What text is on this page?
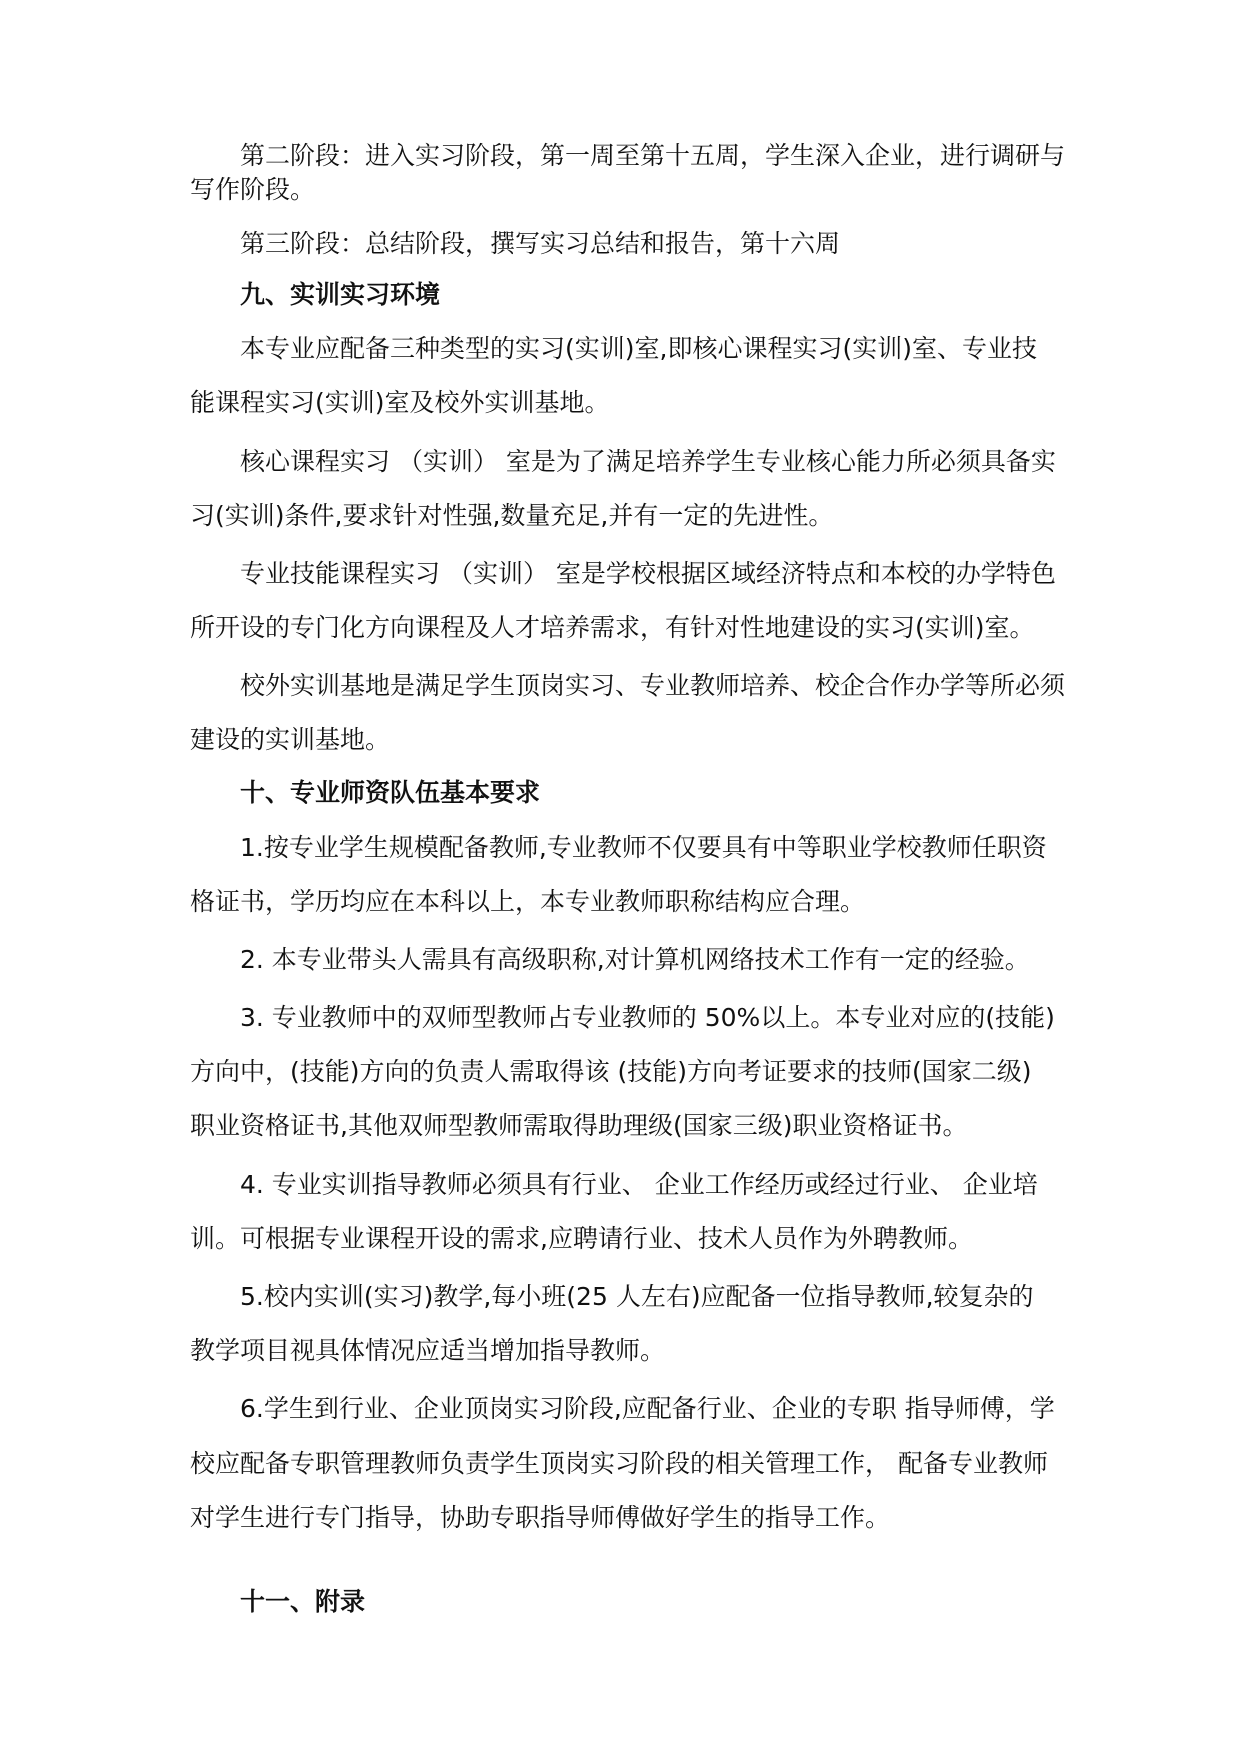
第二阶段：进入实习阶段，第一周至第十五周，学生深入企业，进行调研与
写作阶段。
第三阶段：总结阶段，撰写实习总结和报告，第十六周
九、实训实习环境
本专业应配备三种类型的实习(实训)室,即核心课程实习(实训)室、专业技
能课程实习(实训)室及校外实训基地。
核心课程实习 （实训） 室是为了满足培养学生专业核心能力所必须具备实
习(实训)条件,要求针对性强,数量充足,并有一定的先进性。
专业技能课程实习 （实训） 室是学校根据区域经济特点和本校的办学特色
所开设的专门化方向课程及人才培养需求，有针对性地建设的实习(实训)室。
校外实训基地是满足学生顶岗实习、专业教师培养、校企合作办学等所必须
建设的实训基地。
十、专业师资队伍基本要求
1.按专业学生规模配备教师,专业教师不仅要具有中等职业学校教师任职资
格证书，学历均应在本科以上，本专业教师职称结构应合理。
2. 本专业带头人需具有高级职称,对计算机网络技术工作有一定的经验。
3. 专业教师中的双师型教师占专业教师的 50%以上。本专业对应的(技能)
方向中，(技能)方向的负责人需取得该 (技能)方向考证要求的技师(国家二级)
职业资格证书,其他双师型教师需取得助理级(国家三级)职业资格证书。
4. 专业实训指导教师必须具有行业、 企业工作经历或经过行业、 企业培
训。可根据专业课程开设的需求,应聘请行业、技术人员作为外聘教师。
5.校内实训(实习)教学,每小班(25 人左右)应配备一位指导教师,较复杂的
教学项目视具体情况应适当增加指导教师。
6.学生到行业、企业顶岗实习阶段,应配备行业、企业的专职 指导师傅，学
校应配备专职管理教师负责学生顶岗实习阶段的相关管理工作， 配备专业教师
对学生进行专门指导，协助专职指导师傅做好学生的指导工作。
十一、附录
